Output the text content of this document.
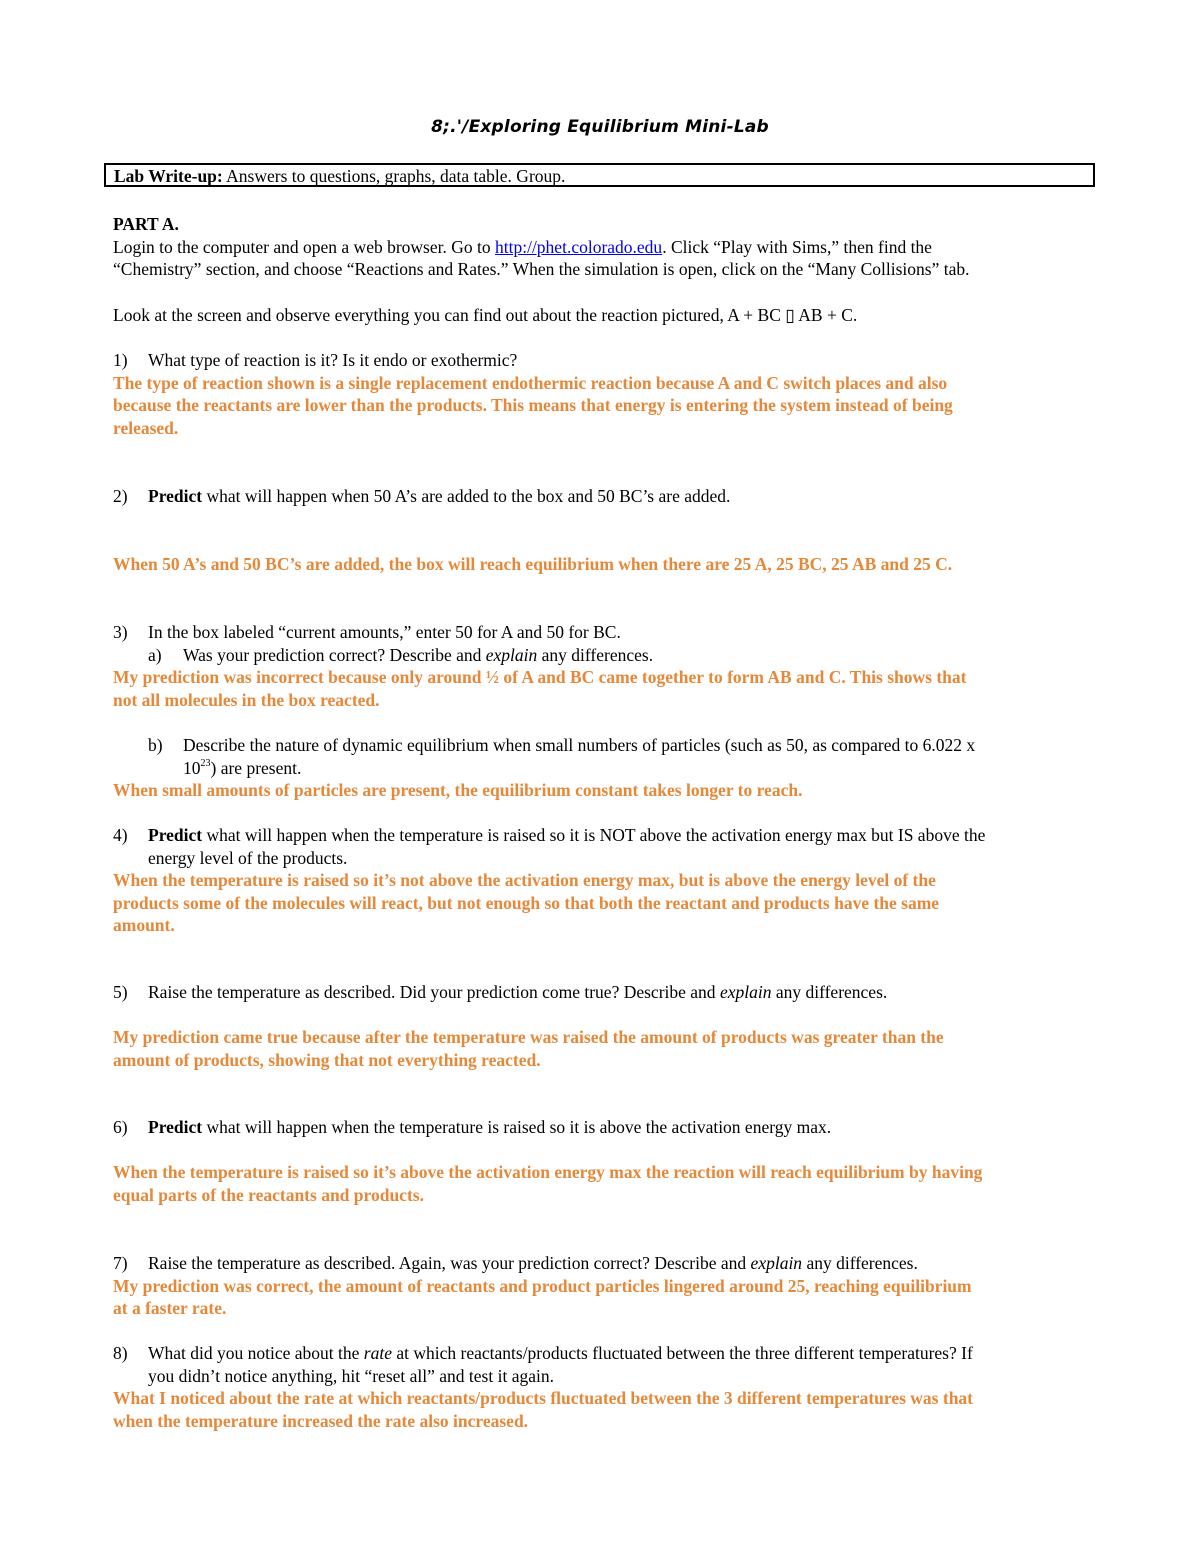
8;.'/Exploring Equilibrium Mini-Lab
Lab Write-up: Answers to questions, graphs, data table. Group.
PART A.
Login to the computer and open a web browser. Go to http://phet.colorado.edu. Click “Play with Sims,” then find the
“Chemistry” section, and choose “Reactions and Rates.” When the simulation is open, click on the “Many Collisions” tab.
Look at the screen and observe everything you can find out about the reaction pictured, A + BC ▯ AB + C.
1) What type of reaction is it? Is it endo or exothermic?
The type of reaction shown is a single replacement endothermic reaction because A and C switch places and also
because the reactants are lower than the products. This means that energy is entering the system instead of being
released.
2) Predict what will happen when 50 A’s are added to the box and 50 BC’s are added.
When 50 A’s and 50 BC’s are added, the box will reach equilibrium when there are 25 A, 25 BC, 25 AB and 25 C.
3) In the box labeled “current amounts,” enter 50 for A and 50 for BC.
a) Was your prediction correct? Describe and explain any differences.
My prediction was incorrect because only around ½ of A and BC came together to form AB and C. This shows that
not all molecules in the box reacted.
b) Describe the nature of dynamic equilibrium when small numbers of particles (such as 50, as compared to 6.022 x
$10^{23}$) are present.
When small amounts of particles are present, the equilibrium constant takes longer to reach.
4) Predict what will happen when the temperature is raised so it is NOT above the activation energy max but IS above the
energy level of the products.
When the temperature is raised so it’s not above the activation energy max, but is above the energy level of the
products some of the molecules will react, but not enough so that both the reactant and products have the same
amount.
5) Raise the temperature as described. Did your prediction come true? Describe and explain any differences.
My prediction came true because after the temperature was raised the amount of products was greater than the
amount of products, showing that not everything reacted.
6) Predict what will happen when the temperature is raised so it is above the activation energy max.
When the temperature is raised so it’s above the activation energy max the reaction will reach equilibrium by having
equal parts of the reactants and products.
7) Raise the temperature as described. Again, was your prediction correct? Describe and explain any differences.
My prediction was correct, the amount of reactants and product particles lingered around 25, reaching equilibrium
at a faster rate.
8) What did you notice about the rate at which reactants/products fluctuated between the three different temperatures? If
you didn’t notice anything, hit “reset all” and test it again.
What I noticed about the rate at which reactants/products fluctuated between the 3 different temperatures was that
when the temperature increased the rate also increased.
